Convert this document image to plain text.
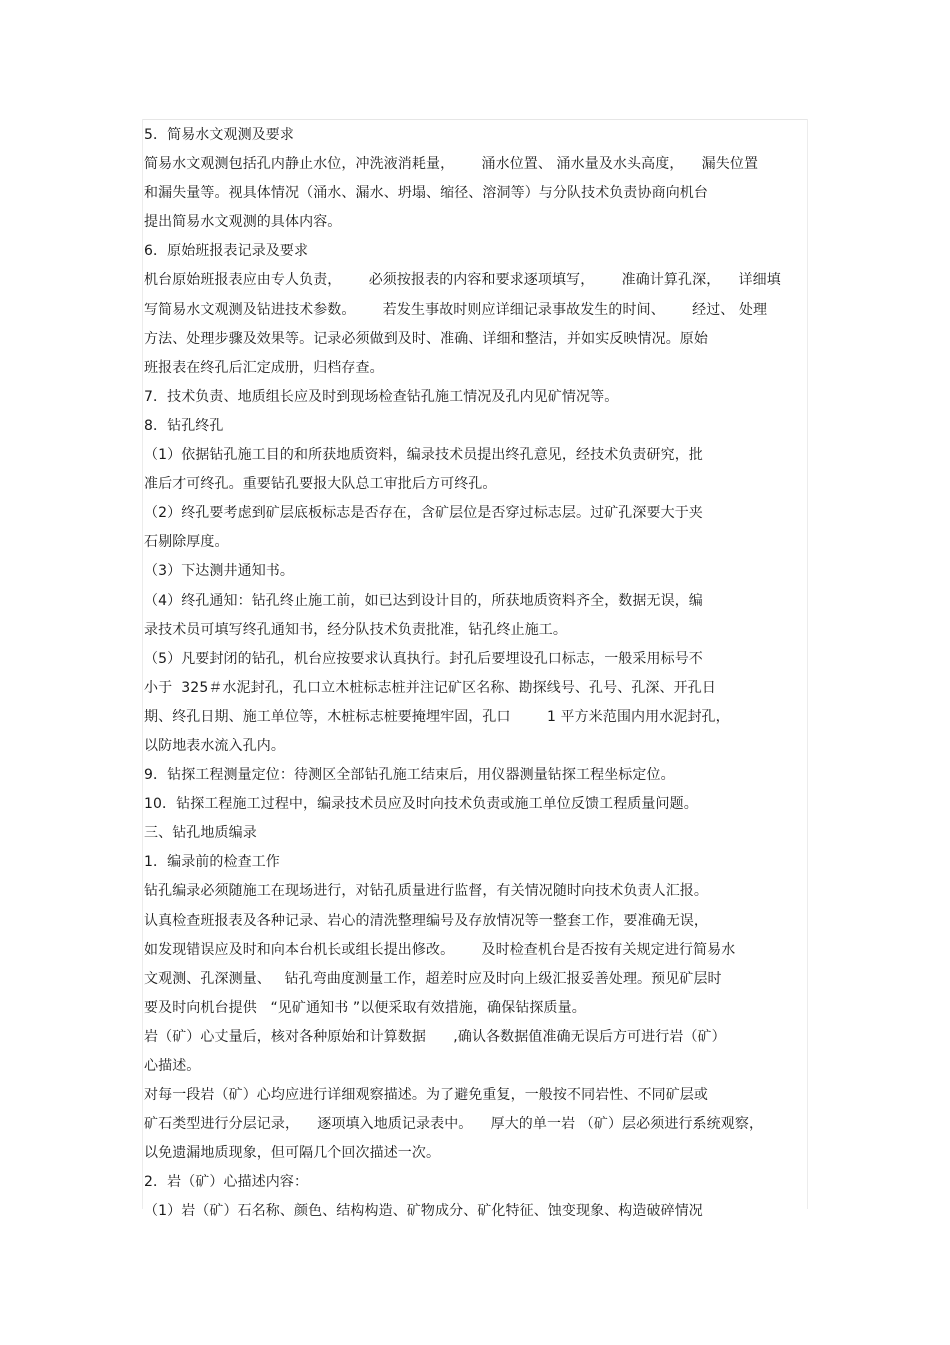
5．简易水文观测及要求
简易水文观测包括孔内静止水位，冲洗液消耗量，      涌水位置、 涌水量及水头高度，    漏失位置
和漏失量等。视具体情况（涌水、漏水、坍塌、缩径、溶洞等）与分队技术负责协商向机台
提出简易水文观测的具体内容。
6．原始班报表记录及要求
机台原始班报表应由专人负责，      必须按报表的内容和要求逐项填写，      准确计算孔深，    详细填
写简易水文观测及钻进技术参数。      若发生事故时则应详细记录事故发生的时间、      经过、 处理
方法、处理步骤及效果等。记录必须做到及时、准确、详细和整洁，并如实反映情况。原始
班报表在终孔后汇定成册，归档存查。
7．技术负责、地质组长应及时到现场检查钻孔施工情况及孔内见矿情况等。
8．钻孔终孔
（1）依据钻孔施工目的和所获地质资料，编录技术员提出终孔意见，经技术负责研究，批
准后才可终孔。重要钻孔要报大队总工审批后方可终孔。
（2）终孔要考虑到矿层底板标志是否存在，含矿层位是否穿过标志层。过矿孔深要大于夹
石剔除厚度。
（3）下达测井通知书。
（4）终孔通知：钻孔终止施工前，如已达到设计目的，所获地质资料齐全，数据无误，编
录技术员可填写终孔通知书，经分队技术负责批准，钻孔终止施工。
（5）凡要封闭的钻孔，机台应按要求认真执行。封孔后要埋设孔口标志，一般采用标号不
小于  325＃水泥封孔，孔口立木桩标志桩并注记矿区名称、勘探线号、孔号、孔深、开孔日
期、终孔日期、施工单位等，木桩标志桩要掩埋牢固，孔口        1 平方米范围内用水泥封孔，
以防地表水流入孔内。
9．钻探工程测量定位：待测区全部钻孔施工结束后，用仪器测量钻探工程坐标定位。
10．钻探工程施工过程中，编录技术员应及时向技术负责或施工单位反馈工程质量问题。
三、钻孔地质编录
1．编录前的检查工作
钻孔编录必须随施工在现场进行，对钻孔质量进行监督，有关情况随时向技术负责人汇报。
认真检查班报表及各种记录、岩心的清洗整理编号及存放情况等一整套工作，要准确无误，
如发现错误应及时和向本台机长或组长提出修改。      及时检查机台是否按有关规定进行简易水
文观测、孔深测量、   钻孔弯曲度测量工作，超差时应及时向上级汇报妥善处理。预见矿层时
要及时向机台提供   “见矿通知书 ”以便采取有效措施，确保钻探质量。
岩（矿）心丈量后，核对各种原始和计算数据      ,确认各数据值准确无误后方可进行岩（矿）
心描述。
对每一段岩（矿）心均应进行详细观察描述。为了避免重复，一般按不同岩性、不同矿层或
矿石类型进行分层记录，    逐项填入地质记录表中。    厚大的单一岩 （矿）层必须进行系统观察，
以免遗漏地质现象，但可隔几个回次描述一次。
2．岩（矿）心描述内容：
（1）岩（矿）石名称、颜色、结构构造、矿物成分、矿化特征、蚀变现象、构造破碎情况
